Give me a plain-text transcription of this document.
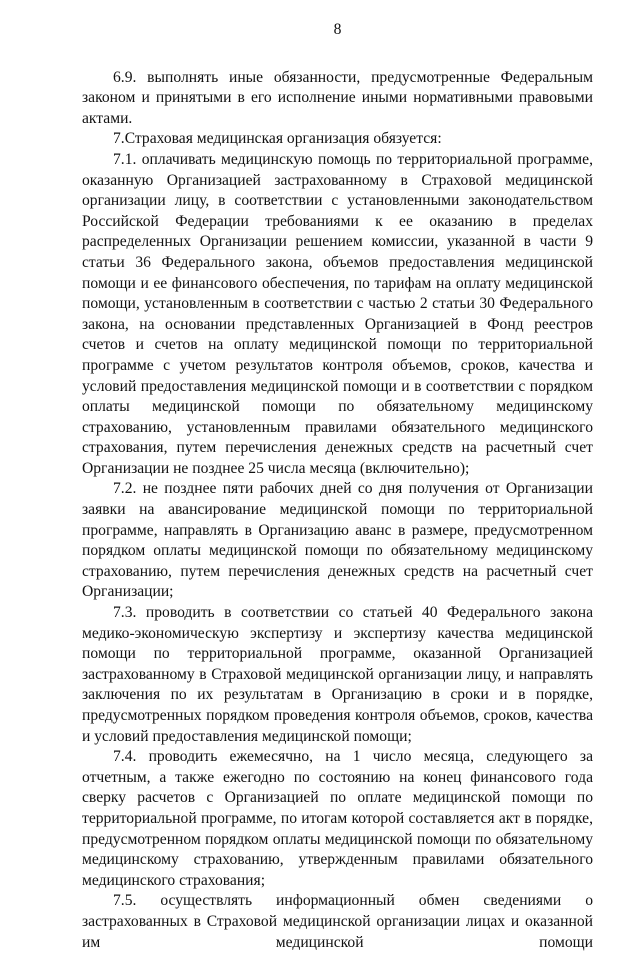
8

6.9. выполнять иные обязанности, предусмотренные Федеральным законом и принятыми в его исполнение иными нормативными правовыми актами.

7.Страховая медицинская организация обязуется:

7.1. оплачивать медицинскую помощь по территориальной программе, оказанную Организацией застрахованному в Страховой медицинской организации лицу, в соответствии с установленными законодательством Российской Федерации требованиями к ее оказанию в пределах распределенных Организации решением комиссии, указанной в части 9 статьи 36 Федерального закона, объемов предоставления медицинской помощи и ее финансового обеспечения, по тарифам на оплату медицинской помощи, установленным в соответствии с частью 2 статьи 30 Федерального закона, на основании представленных Организацией в Фонд реестров счетов и счетов на оплату медицинской помощи по территориальной программе с учетом результатов контроля объемов, сроков, качества и условий предоставления медицинской помощи и в соответствии с порядком оплаты медицинской помощи по обязательному медицинскому страхованию, установленным правилами обязательного медицинского страхования, путем перечисления денежных средств на расчетный счет Организации не позднее 25 числа месяца (включительно);

7.2. не позднее пяти рабочих дней со дня получения от Организации заявки на авансирование медицинской помощи по территориальной программе, направлять в Организацию аванс в размере, предусмотренном порядком оплаты медицинской помощи по обязательному медицинскому страхованию, путем перечисления денежных средств на расчетный счет Организации;

7.3. проводить в соответствии со статьей 40 Федерального закона медико-экономическую экспертизу и экспертизу качества медицинской помощи по территориальной программе, оказанной Организацией застрахованному в Страховой медицинской организации лицу, и направлять заключения по их результатам в Организацию в сроки и в порядке, предусмотренных порядком проведения контроля объемов, сроков, качества и условий предоставления медицинской помощи;

7.4. проводить ежемесячно, на 1 число месяца, следующего за отчетным, а также ежегодно по состоянию на конец финансового года сверку расчетов с Организацией по оплате медицинской помощи по территориальной программе, по итогам которой составляется акт в порядке, предусмотренном порядком оплаты медицинской помощи по обязательному медицинскому страхованию, утвержденным правилами обязательного медицинского страхования;

7.5. осуществлять информационный обмен сведениями о застрахованных в Страховой медицинской организации лицах и оказанной им медицинской помощи
